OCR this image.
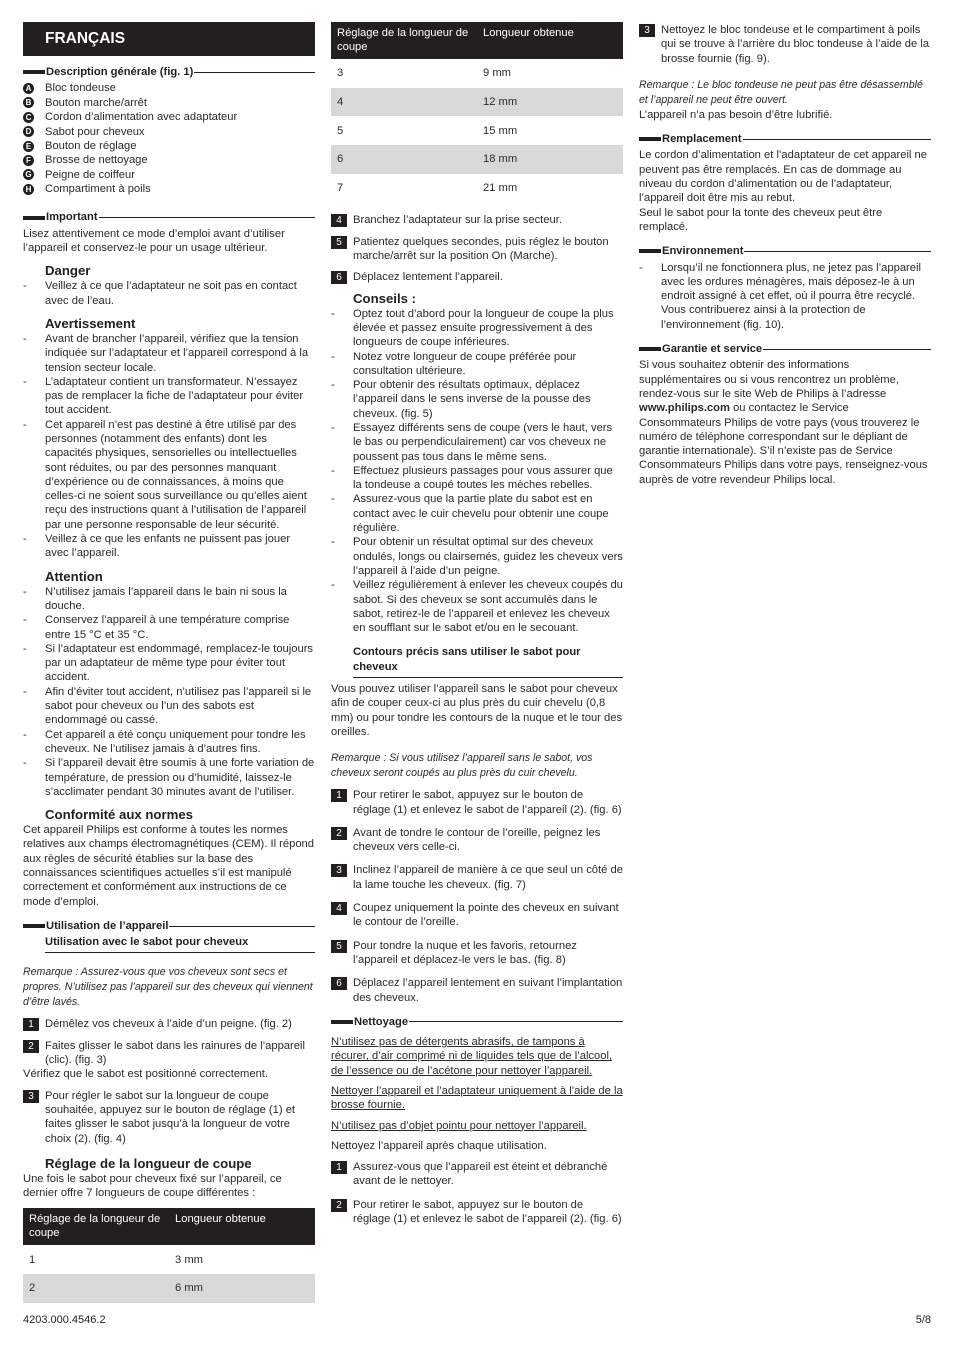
FRANÇAIS
Description générale (fig. 1)
A Bloc tondeuse
B Bouton marche/arrêt
C Cordon d’alimentation avec adaptateur
D Sabot pour cheveux
E Bouton de réglage
F Brosse de nettoyage
G Peigne de coiffeur
H Compartiment à poils
Important

Lisez attentivement ce mode d’emploi avant d’utiliser l’appareil et conservez-le pour un usage ultérieur.

Danger
- Veillez à ce que l’adaptateur ne soit pas en contact avec de l’eau.
Avertissement
- Avant de brancher l’appareil, vérifiez que la tension indiquée sur l’adaptateur et l’appareil correspond à la tension secteur locale.
- L’adaptateur contient un transformateur. N’essayez pas de remplacer la fiche de l’adaptateur pour éviter tout accident.
- Cet appareil n’est pas destiné à être utilisé par des personnes (notamment des enfants) dont les capacités physiques, sensorielles ou intellectuelles sont réduites, ou par des personnes manquant d’expérience ou de connaissances, à moins que celles-ci ne soient sous surveillance ou qu’elles aient reçu des instructions quant à l’utilisation de l’appareil par une personne responsable de leur sécurité.
- Veillez à ce que les enfants ne puissent pas jouer avec l’appareil.
Attention
- N’utilisez jamais l’appareil dans le bain ni sous la douche.
- Conservez l’appareil à une température comprise entre 15 °C et 35 °C.
- Si l’adaptateur est endommagé, remplacez-le toujours par un adaptateur de même type pour éviter tout accident.
- Afin d’éviter tout accident, n’utilisez pas l’appareil si le sabot pour cheveux ou l’un des sabots est endommagé ou cassé.
- Cet appareil a été conçu uniquement pour tondre les cheveux. Ne l’utilisez jamais à d’autres fins.
- Si l’appareil devait être soumis à une forte variation de température, de pression ou d’humidité, laissez-le s’acclimater pendant 30 minutes avant de l’utiliser.
Conformité aux normes

Cet appareil Philips est conforme à toutes les normes relatives aux champs électromagnétiques (CEM). Il répond aux règles de sécurité établies sur la base des connaissances scientifiques actuelles s’il est manipulé correctement et conformément aux instructions de ce mode d’emploi.

Utilisation de l’appareil
Utilisation avec le sabot pour cheveux

Remarque : Assurez-vous que vos cheveux sont secs et propres. N’utilisez pas l’appareil sur des cheveux qui viennent d’être lavés.

1	Démêlez vos cheveux à l’aide d’un peigne. (fig. 2)
2	Faites glisser le sabot dans les rainures de l’appareil (clic). (fig. 3)

Vérifiez que le sabot est positionné correctement.

3	Pour régler le sabot sur la longueur de coupe souhaitée, appuyez sur le bouton de réglage (1) et faites glisser le sabot jusqu’à la longueur de votre choix (2). (fig. 4)
Réglage de la longueur de coupe

Une fois le sabot pour cheveux fixé sur l’appareil, ce dernier offre 7 longueurs de coupe différentes :

Réglage de la longueur de coupe	Longueur obtenue
1	3 mm
2	6 mm
Réglage de la longueur de coupe	Longueur obtenue
3	9 mm
4	12 mm
5	15 mm
6	18 mm
7	21 mm
4	Branchez l’adaptateur sur la prise secteur.
5	Patientez quelques secondes, puis réglez le bouton marche/arrêt sur la position On (Marche).
6	Déplacez lentement l’appareil.
Conseils :
- Optez tout d’abord pour la longueur de coupe la plus élevée et passez ensuite progressivement à des longueurs de coupe inférieures.
- Notez votre longueur de coupe préférée pour consultation ultérieure.
- Pour obtenir des résultats optimaux, déplacez l’appareil dans le sens inverse de la pousse des cheveux. (fig. 5)
- Essayez différents sens de coupe (vers le haut, vers le bas ou perpendiculairement) car vos cheveux ne poussent pas tous dans le même sens.
- Effectuez plusieurs passages pour vous assurer que la tondeuse a coupé toutes les mèches rebelles.
- Assurez-vous que la partie plate du sabot est en contact avec le cuir chevelu pour obtenir une coupe régulière.
- Pour obtenir un résultat optimal sur des cheveux ondulés, longs ou clairsemés, guidez les cheveux vers l’appareil à l’aide d’un peigne.
- Veillez régulièrement à enlever les cheveux coupés du sabot. Si des cheveux se sont accumulés dans le sabot, retirez-le de l’appareil et enlevez les cheveux en soufflant sur le sabot et/ou en le secouant.
Contours précis sans utiliser le sabot pour cheveux

Vous pouvez utiliser l’appareil sans le sabot pour cheveux afin de couper ceux-ci au plus près du cuir chevelu (0,8 mm) ou pour tondre les contours de la nuque et le tour des oreilles.

Remarque : Si vous utilisez l’appareil sans le sabot, vos cheveux seront coupés au plus près du cuir chevelu.

1	Pour retirer le sabot, appuyez sur le bouton de réglage (1) et enlevez le sabot de l’appareil (2). (fig. 6)
2	Avant de tondre le contour de l’oreille, peignez les cheveux vers celle-ci.
3	Inclinez l’appareil de manière à ce que seul un côté de la lame touche les cheveux. (fig. 7)
4	Coupez uniquement la pointe des cheveux en suivant le contour de l’oreille.
5	Pour tondre la nuque et les favoris, retournez l’appareil et déplacez-le vers le bas. (fig. 8)
6	Déplacez l’appareil lentement en suivant l’implantation des cheveux.
Nettoyage

N’utilisez pas de détergents abrasifs, de tampons à récurer, d’air comprimé ni de liquides tels que de l’alcool, de l’essence ou de l’acétone pour nettoyer l’appareil.

Nettoyer l’appareil et l’adaptateur uniquement à l’aide de la brosse fournie.

N’utilisez pas d’objet pointu pour nettoyer l’appareil.

Nettoyez l’appareil après chaque utilisation.

1	Assurez-vous que l’appareil est éteint et débranché avant de le nettoyer.
2	Pour retirer le sabot, appuyez sur le bouton de réglage (1) et enlevez le sabot de l’appareil (2). (fig. 6)
3	Nettoyez le bloc tondeuse et le compartiment à poils qui se trouve à l’arrière du bloc tondeuse à l’aide de la brosse fournie (fig. 9).

Remarque : Le bloc tondeuse ne peut pas être désassemblé et l’appareil ne peut être ouvert.

L’appareil n’a pas besoin d’être lubrifié.

Remplacement

Le cordon d’alimentation et l’adaptateur de cet appareil ne peuvent pas être remplacés. En cas de dommage au niveau du cordon d’alimentation ou de l’adaptateur, l’appareil doit être mis au rebut.

Seul le sabot pour la tonte des cheveux peut être remplacé.

Environnement
- Lorsqu’il ne fonctionnera plus, ne jetez pas l’appareil avec les ordures ménagères, mais déposez-le à un endroit assigné à cet effet, où il pourra être recyclé. Vous contribuerez ainsi à la protection de l’environnement (fig. 10).
Garantie et service

Si vous souhaitez obtenir des informations supplémentaires ou si vous rencontrez un problème, rendez-vous sur le site Web de Philips à l’adresse www.philips.com ou contactez le Service Consommateurs Philips de votre pays (vous trouverez le numéro de téléphone correspondant sur le dépliant de garantie internationale). S’il n’existe pas de Service Consommateurs Philips dans votre pays, renseignez-vous auprès de votre revendeur Philips local.

4203.000.4546.2	5/8
